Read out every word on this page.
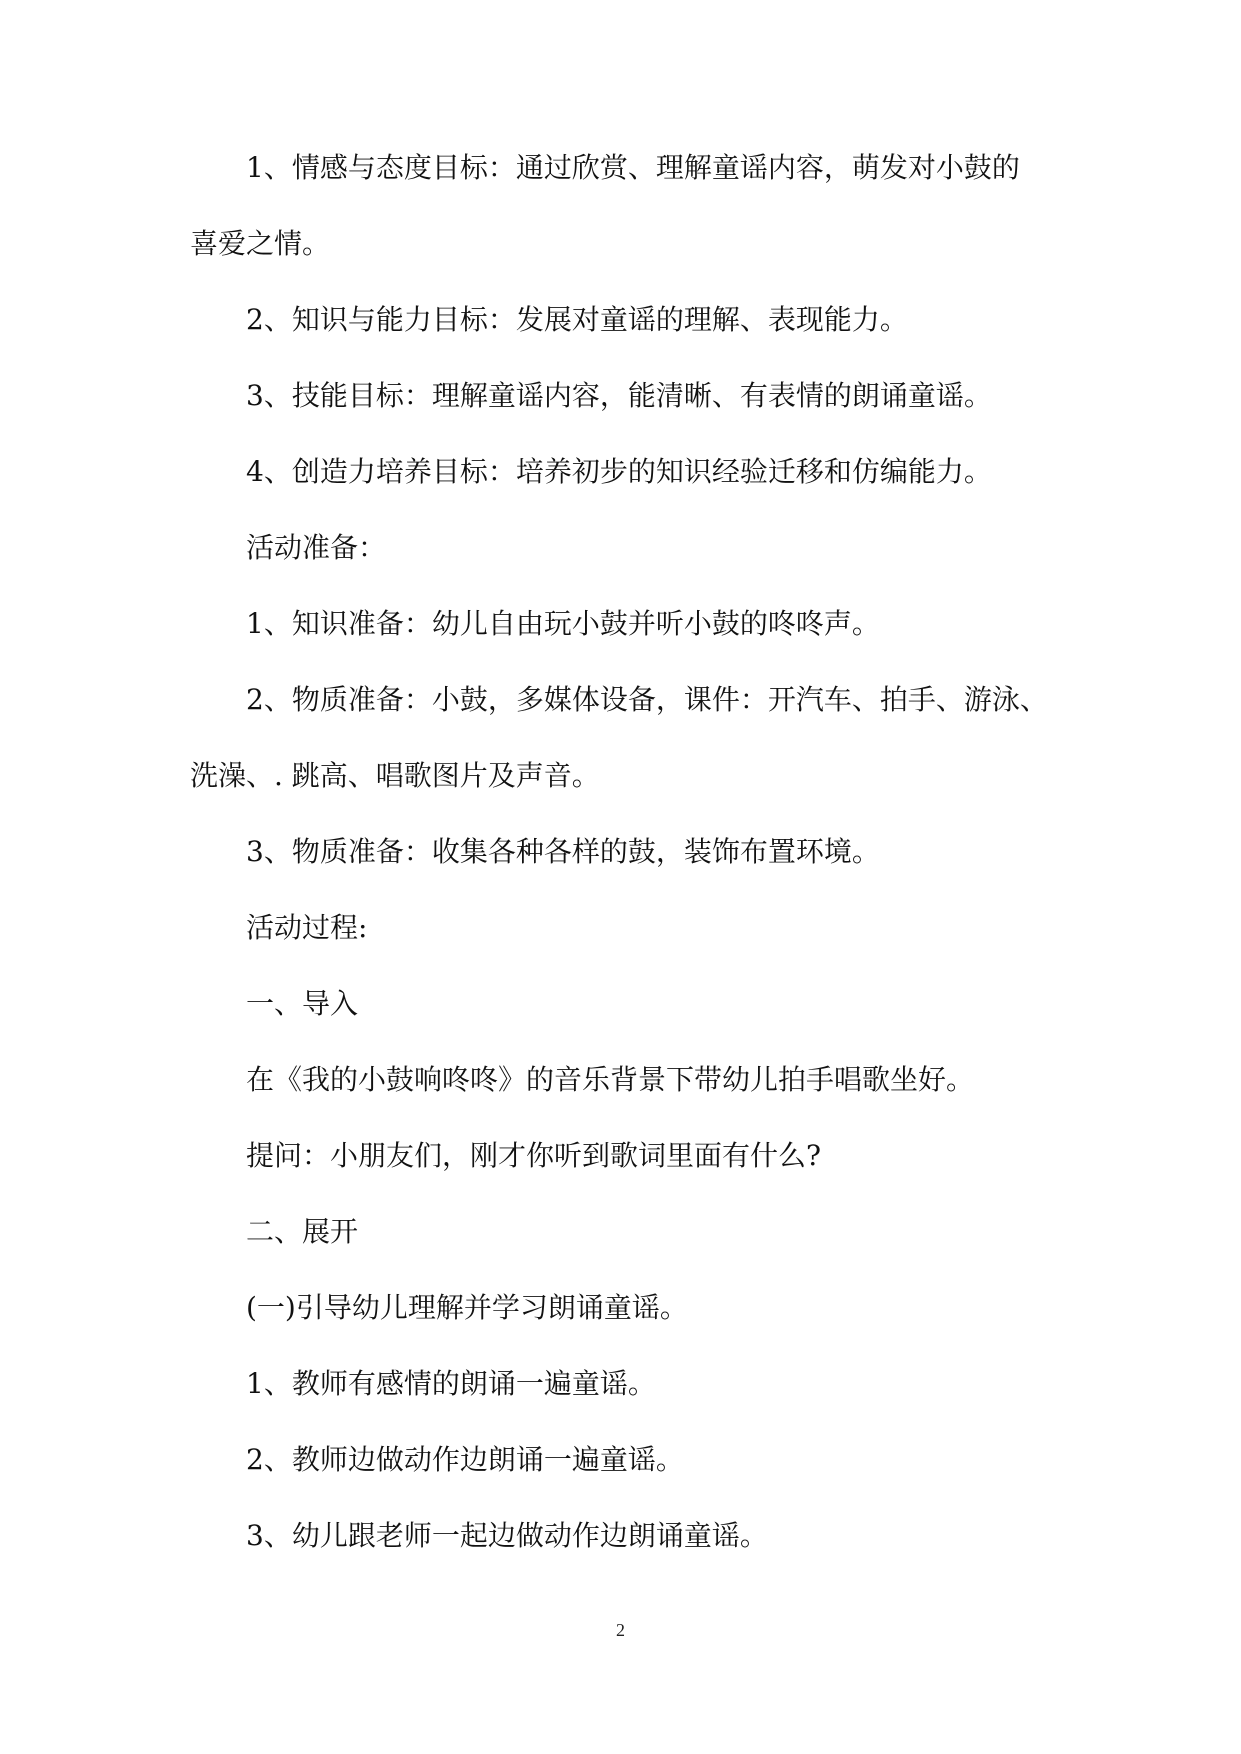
1、情感与态度目标：通过欣赏、理解童谣内容，萌发对小鼓的

喜爱之情。

2、知识与能力目标：发展对童谣的理解、表现能力。

3、技能目标：理解童谣内容，能清晰、有表情的朗诵童谣。

4、创造力培养目标：培养初步的知识经验迁移和仿编能力。

活动准备：

1、知识准备：幼儿自由玩小鼓并听小鼓的咚咚声。

2、物质准备：小鼓，多媒体设备，课件：开汽车、拍手、游泳、

洗澡、. 跳高、唱歌图片及声音。

3、物质准备：收集各种各样的鼓，装饰布置环境。

活动过程:

一、导入

在《我的小鼓响咚咚》的音乐背景下带幼儿拍手唱歌坐好。

提问：小朋友们，刚才你听到歌词里面有什么?

二、展开

(一)引导幼儿理解并学习朗诵童谣。

1、教师有感情的朗诵一遍童谣。

2、教师边做动作边朗诵一遍童谣。

3、幼儿跟老师一起边做动作边朗诵童谣。

2
